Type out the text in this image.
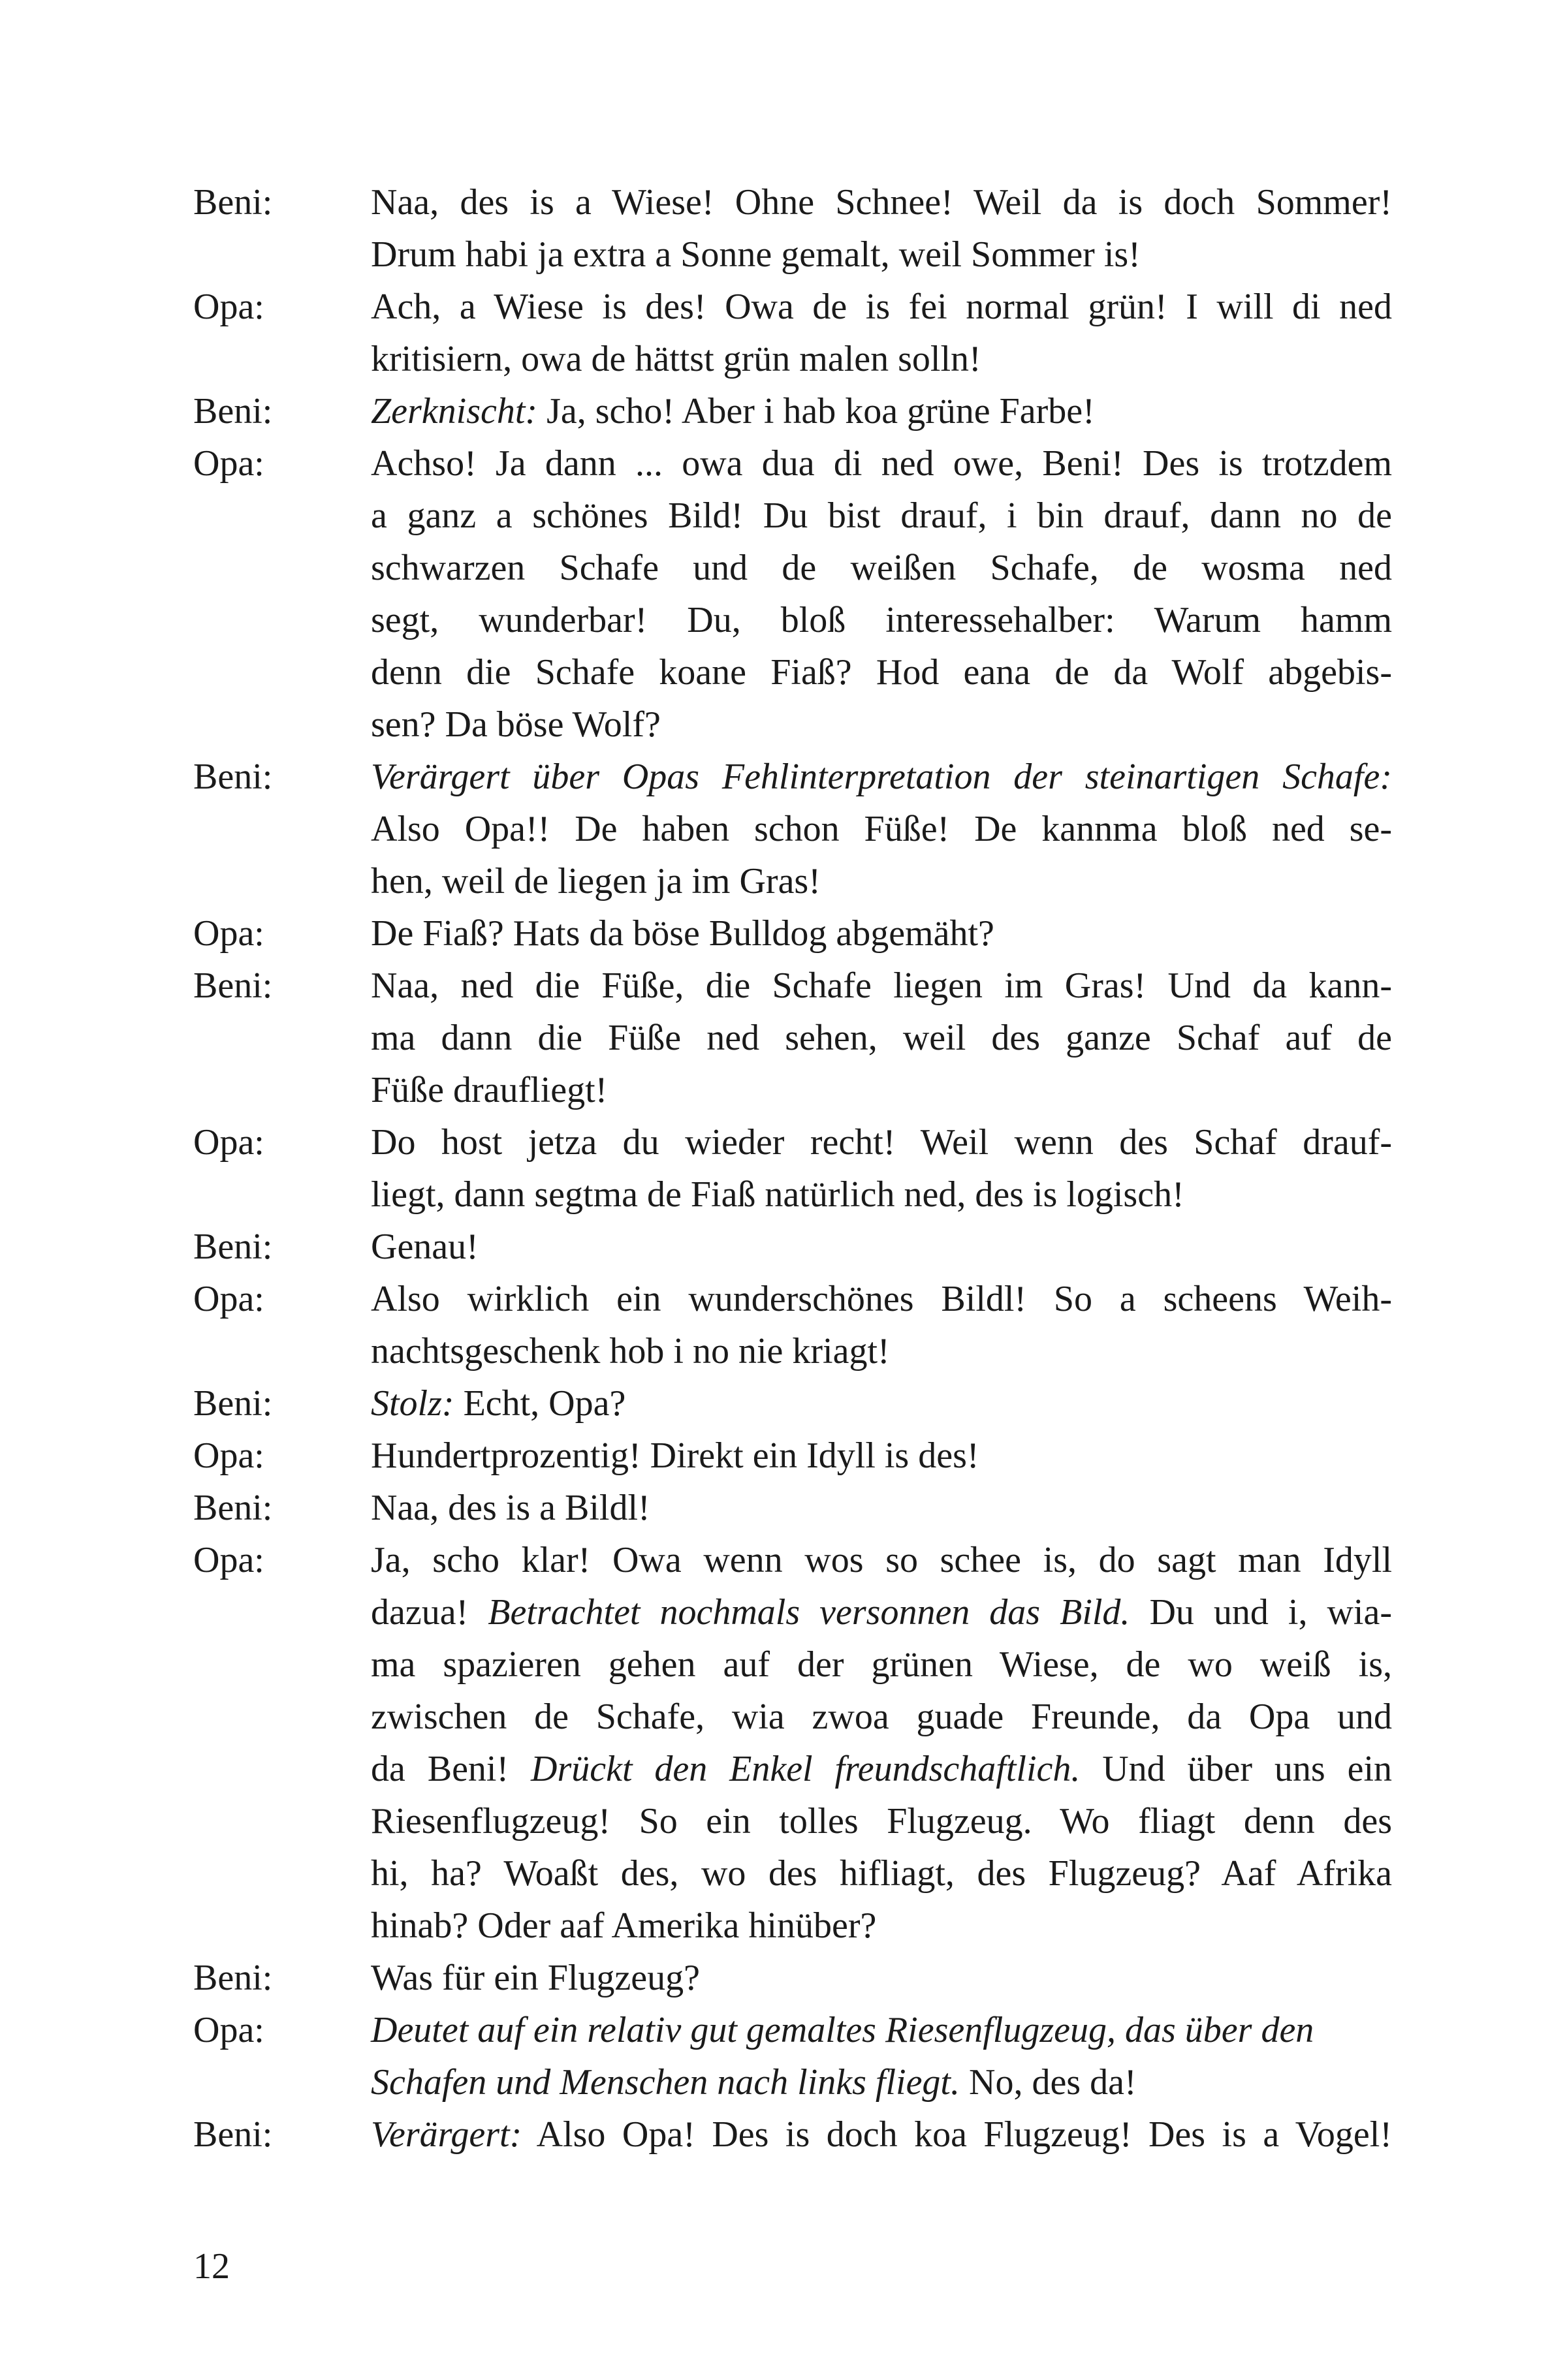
Beni:	Naa, des is a Wiese! Ohne Schnee! Weil da is doch Sommer!
Drum habi ja extra a Sonne gemalt, weil Sommer is!
Opa:	Ach, a Wiese is des! Owa de is fei normal grün! I will di ned
kritisiern, owa de hättst grün malen solln!
Beni:	Zerknischt: Ja, scho! Aber i hab koa grüne Farbe!
Opa:	Achso! Ja dann ... owa dua di ned owe, Beni! Des is trotzdem
a ganz a schönes Bild! Du bist drauf, i bin drauf, dann no de
schwarzen Schafe und de weißen Schafe, de wosma ned
segt, wunderbar! Du, bloß interessehalber: Warum hamm
denn die Schafe koane Fiaß? Hod eana de da Wolf abgebis-
sen? Da böse Wolf?
Beni:	Verärgert über Opas Fehlinterpretation der steinartigen Schafe:
Also Opa!! De haben schon Füße! De kannma bloß ned se-
hen, weil de liegen ja im Gras!
Opa:	De Fiaß? Hats da böse Bulldog abgemäht?
Beni:	Naa, ned die Füße, die Schafe liegen im Gras! Und da kann-
ma dann die Füße ned sehen, weil des ganze Schaf auf de
Füße draufliegt!
Opa:	Do host jetza du wieder recht! Weil wenn des Schaf drauf-
liegt, dann segtma de Fiaß natürlich ned, des is logisch!
Beni:	Genau!
Opa:	Also wirklich ein wunderschönes Bildl! So a scheens Weih-
nachtsgeschenk hob i no nie kriagt!
Beni:	Stolz: Echt, Opa?
Opa:	Hundertprozentig! Direkt ein Idyll is des!
Beni:	Naa, des is a Bildl!
Opa:	Ja, scho klar! Owa wenn wos so schee is, do sagt man Idyll
dazua! Betrachtet nochmals versonnen das Bild. Du und i, wia-
ma spazieren gehen auf der grünen Wiese, de wo weiß is,
zwischen de Schafe, wia zwoa guade Freunde, da Opa und
da Beni! Drückt den Enkel freundschaftlich. Und über uns ein
Riesenflugzeug! So ein tolles Flugzeug. Wo fliagt denn des
hi, ha? Woaßt des, wo des hifliagt, des Flugzeug? Aaf Afrika
hinab? Oder aaf Amerika hinüber?
Beni:	Was für ein Flugzeug?
Opa:	Deutet auf ein relativ gut gemaltes Riesenflugzeug, das über den
Schafen und Menschen nach links fliegt. No, des da!
Beni:	Verärgert: Also Opa! Des is doch koa Flugzeug! Des is a Vogel!
12
